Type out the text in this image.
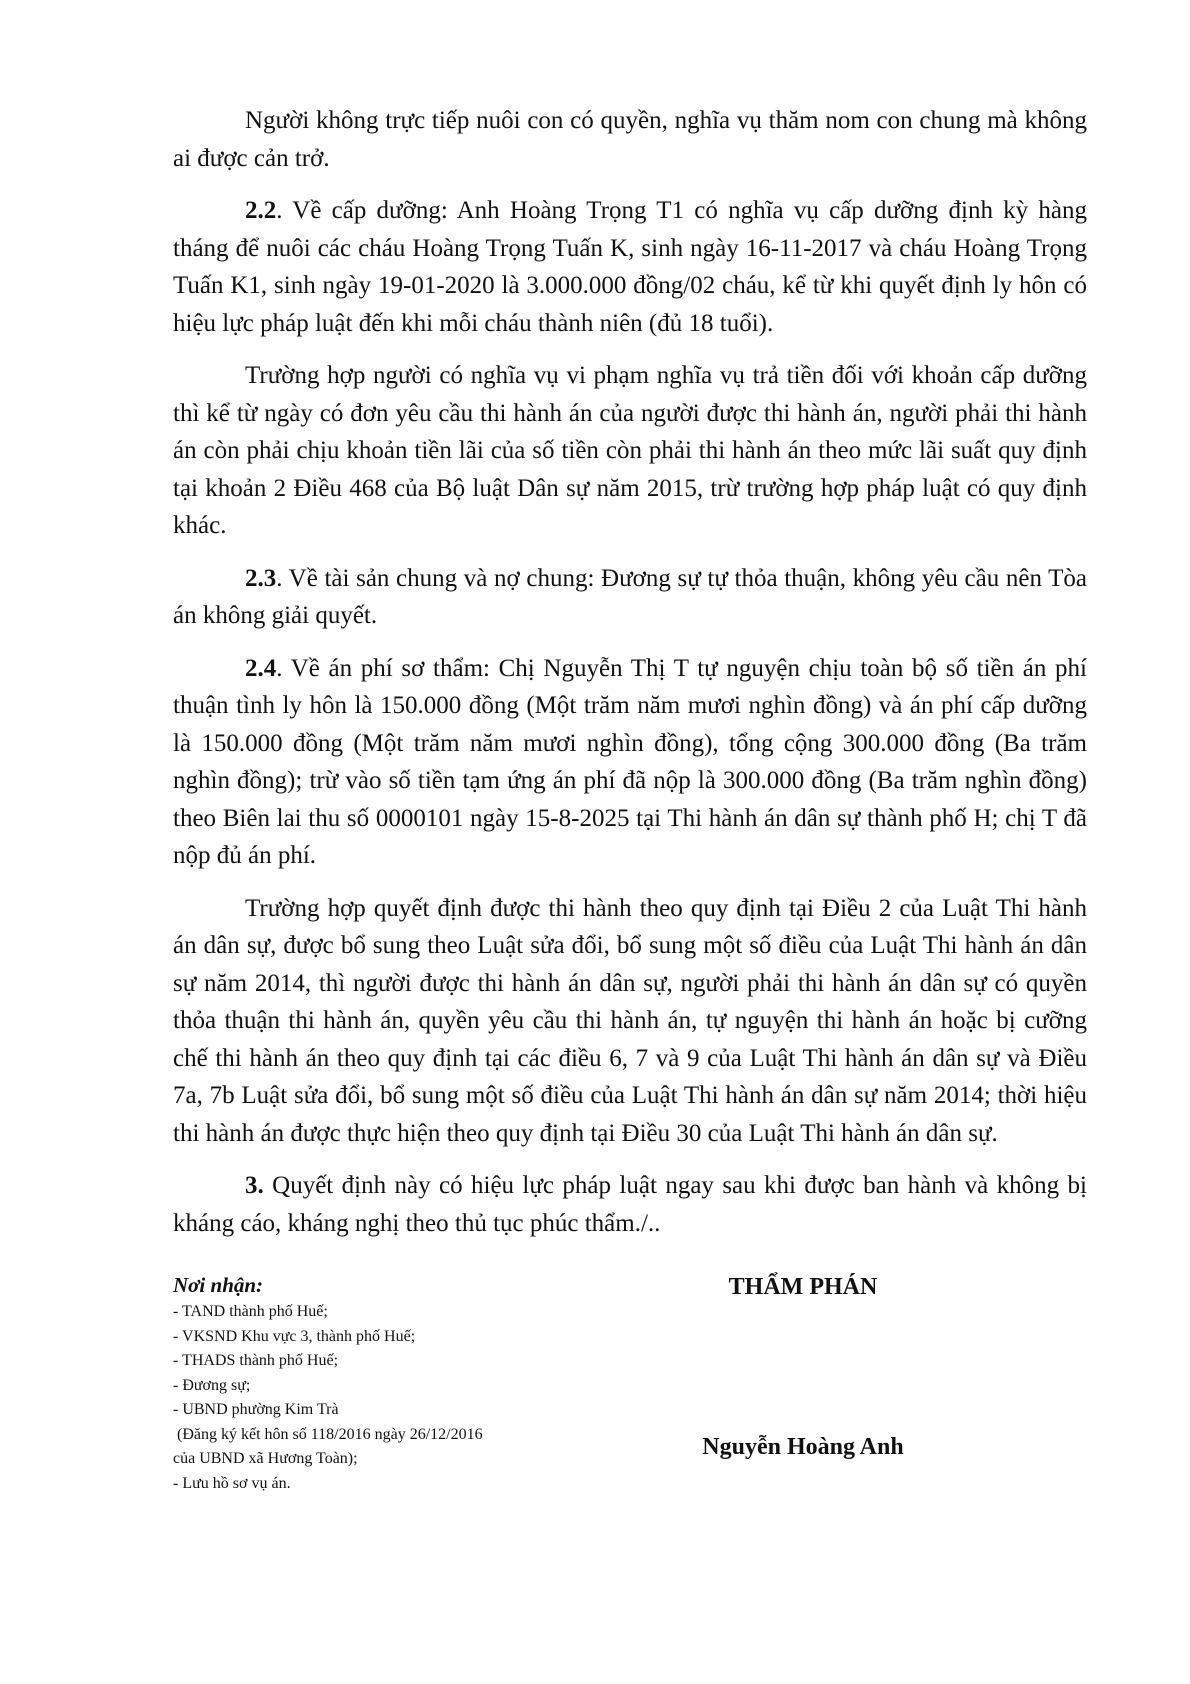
Người không trực tiếp nuôi con có quyền, nghĩa vụ thăm nom con chung mà không ai được cản trở.

2.2. Về cấp dưỡng: Anh Hoàng Trọng T1 có nghĩa vụ cấp dưỡng định kỳ hàng tháng để nuôi các cháu Hoàng Trọng Tuấn K, sinh ngày 16-11-2017 và cháu Hoàng Trọng Tuấn K1, sinh ngày 19-01-2020 là 3.000.000 đồng/02 cháu, kể từ khi quyết định ly hôn có hiệu lực pháp luật đến khi mỗi cháu thành niên (đủ 18 tuổi).

Trường hợp người có nghĩa vụ vi phạm nghĩa vụ trả tiền đối với khoản cấp dưỡng thì kể từ ngày có đơn yêu cầu thi hành án của người được thi hành án, người phải thi hành án còn phải chịu khoản tiền lãi của số tiền còn phải thi hành án theo mức lãi suất quy định tại khoản 2 Điều 468 của Bộ luật Dân sự năm 2015, trừ trường hợp pháp luật có quy định khác.

2.3. Về tài sản chung và nợ chung: Đương sự tự thỏa thuận, không yêu cầu nên Tòa án không giải quyết.

2.4. Về án phí sơ thẩm: Chị Nguyễn Thị T tự nguyện chịu toàn bộ số tiền án phí thuận tình ly hôn là 150.000 đồng (Một trăm năm mươi nghìn đồng) và án phí cấp dưỡng là 150.000 đồng (Một trăm năm mươi nghìn đồng), tổng cộng 300.000 đồng (Ba trăm nghìn đồng); trừ vào số tiền tạm ứng án phí đã nộp là 300.000 đồng (Ba trăm nghìn đồng) theo Biên lai thu số 0000101 ngày 15-8-2025 tại Thi hành án dân sự thành phố H; chị T đã nộp đủ án phí.

Trường hợp quyết định được thi hành theo quy định tại Điều 2 của Luật Thi hành án dân sự, được bổ sung theo Luật sửa đổi, bổ sung một số điều của Luật Thi hành án dân sự năm 2014, thì người được thi hành án dân sự, người phải thi hành án dân sự có quyền thỏa thuận thi hành án, quyền yêu cầu thi hành án, tự nguyện thi hành án hoặc bị cưỡng chế thi hành án theo quy định tại các điều 6, 7 và 9 của Luật Thi hành án dân sự và Điều 7a, 7b Luật sửa đổi, bổ sung một số điều của Luật Thi hành án dân sự năm 2014; thời hiệu thi hành án được thực hiện theo quy định tại Điều 30 của Luật Thi hành án dân sự.

3. Quyết định này có hiệu lực pháp luật ngay sau khi được ban hành và không bị kháng cáo, kháng nghị theo thủ tục phúc thẩm./..

Nơi nhận:
- TAND thành phố Huế;
- VKSND Khu vực 3, thành phố Huế;
- THADS thành phố Huế;
- Đương sự;
- UBND phường Kim Trà
(Đăng ký kết hôn số 118/2016 ngày 26/12/2016
của UBND xã Hương Toàn);
- Lưu hồ sơ vụ án.
THẨM PHÁN
Nguyễn Hoàng Anh
